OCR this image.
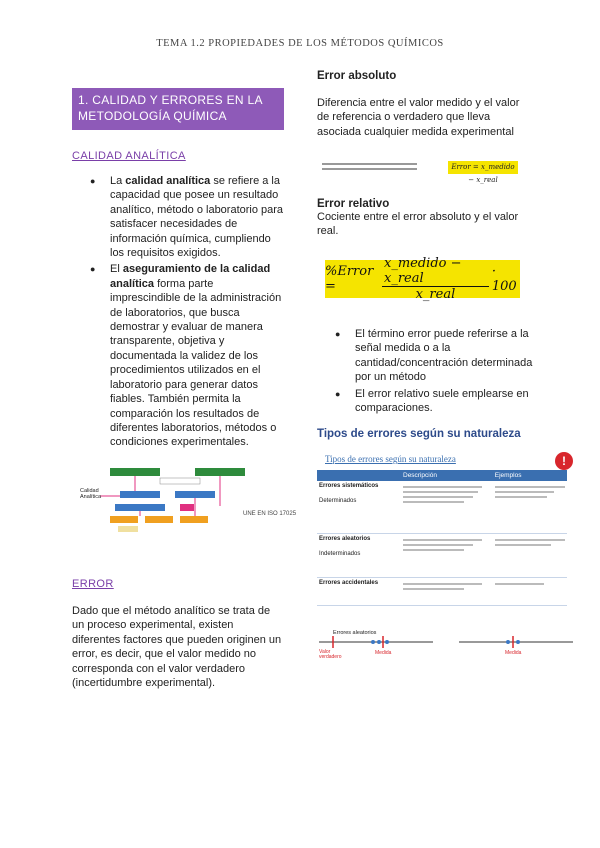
TEMA 1.2 PROPIEDADES DE LOS MÉTODOS QUÍMICOS
1. CALIDAD Y ERRORES EN LA METODOLOGÍA QUÍMICA
CALIDAD ANALÍTICA
● La calidad analítica se refiere a la capacidad que posee un resultado analítico, método o laboratorio para satisfacer necesidades de información química, cumpliendo los requisitos exigidos.
● El aseguramiento de la calidad analítica forma parte imprescindible de la administración de laboratorios, que busca demostrar y evaluar de manera transparente, objetiva y documentada la validez de los procedimientos utilizados en el laboratorio para generar datos fiables. También permita la comparación los resultados de diferentes laboratorios, métodos o condiciones experimentales.
Calidad Analítica
UNE EN ISO 17025
ERROR

Dado que el método analítico se trata de un proceso experimental, existen diferentes factores que pueden originen un error, es decir, que el valor medido no corresponda con el valor verdadero (incertidumbre experimental).

Error absoluto

Diferencia entre el valor medido y el valor de referencia o verdadero que lleva asociada cualquier medida experimental

Error = x_medido − x_real

Error relativo

Cociente entre el error absoluto y el valor real.

%Error =	$\frac{\text{x\_medido − x\_real}}{\text{x\_real}} \cdot 100$
● El término error puede referirse a la señal medida o a la cantidad/concentración determinada por un método
● El error relativo suele emplearse en comparaciones.
Tipos de errores según su naturaleza
Tipos de errores según su naturaleza	!
	Descripción	Ejemplos

Errores sistemáticos
Determinados		

Errores aleatorios
Indeterminados		

Errores accidentales		

Errores aleatorios
Valor verdadero
Medida	Medida
